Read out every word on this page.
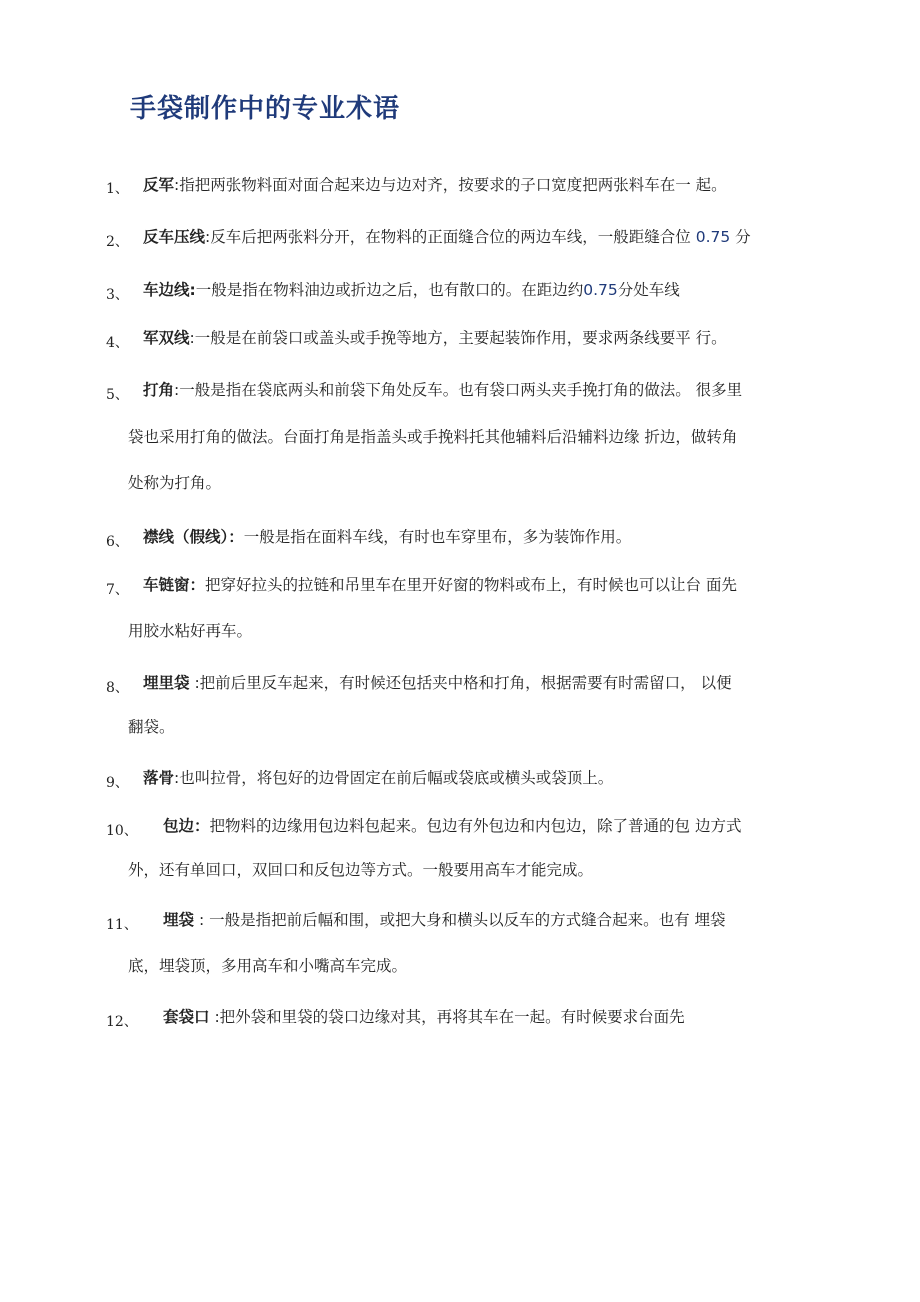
手袋制作中的专业术语
1、 反军:指把两张物料面对面合起来边与边对齐，按要求的子口宽度把两张料车在一 起。
2、 反车压线:反车后把两张料分开，在物料的正面缝合位的两边车线，一般距缝合位 0.75 分
3、 车边线:一般是指在物料油边或折边之后，也有散口的。在距边约0.75分处车线
4、 军双线:一般是在前袋口或盖头或手挽等地方，主要起装饰作用，要求两条线要平 行。
5、 打角:一般是指在袋底两头和前袋下角处反车。也有袋口两头夹手挽打角的做法。 很多里
袋也采用打角的做法。台面打角是指盖头或手挽料托其他辅料后沿辅料边缘 折边，做转角
处称为打角。
6、 襟线（假线）：一般是指在面料车线，有时也车穿里布，多为装饰作用。
7、 车链窗：把穿好拉头的拉链和吊里车在里开好窗的物料或布上，有时候也可以让台 面先
用胶水粘好再车。
8、 埋里袋 :把前后里反车起来，有时候还包括夹中格和打角，根据需要有时需留口， 以便
翻袋。
9、 落骨:也叫拉骨，将包好的边骨固定在前后幅或袋底或横头或袋顶上。
10、 包边：把物料的边缘用包边料包起来。包边有外包边和内包边，除了普通的包 边方式
外，还有单回口，双回口和反包边等方式。一般要用高车才能完成。
11、 埋袋 : 一般是指把前后幅和围，或把大身和横头以反车的方式缝合起来。也有 埋袋
底，埋袋顶，多用高车和小嘴高车完成。
12、 套袋口 :把外袋和里袋的袋口边缘对其，再将其车在一起。有时候要求台面先
